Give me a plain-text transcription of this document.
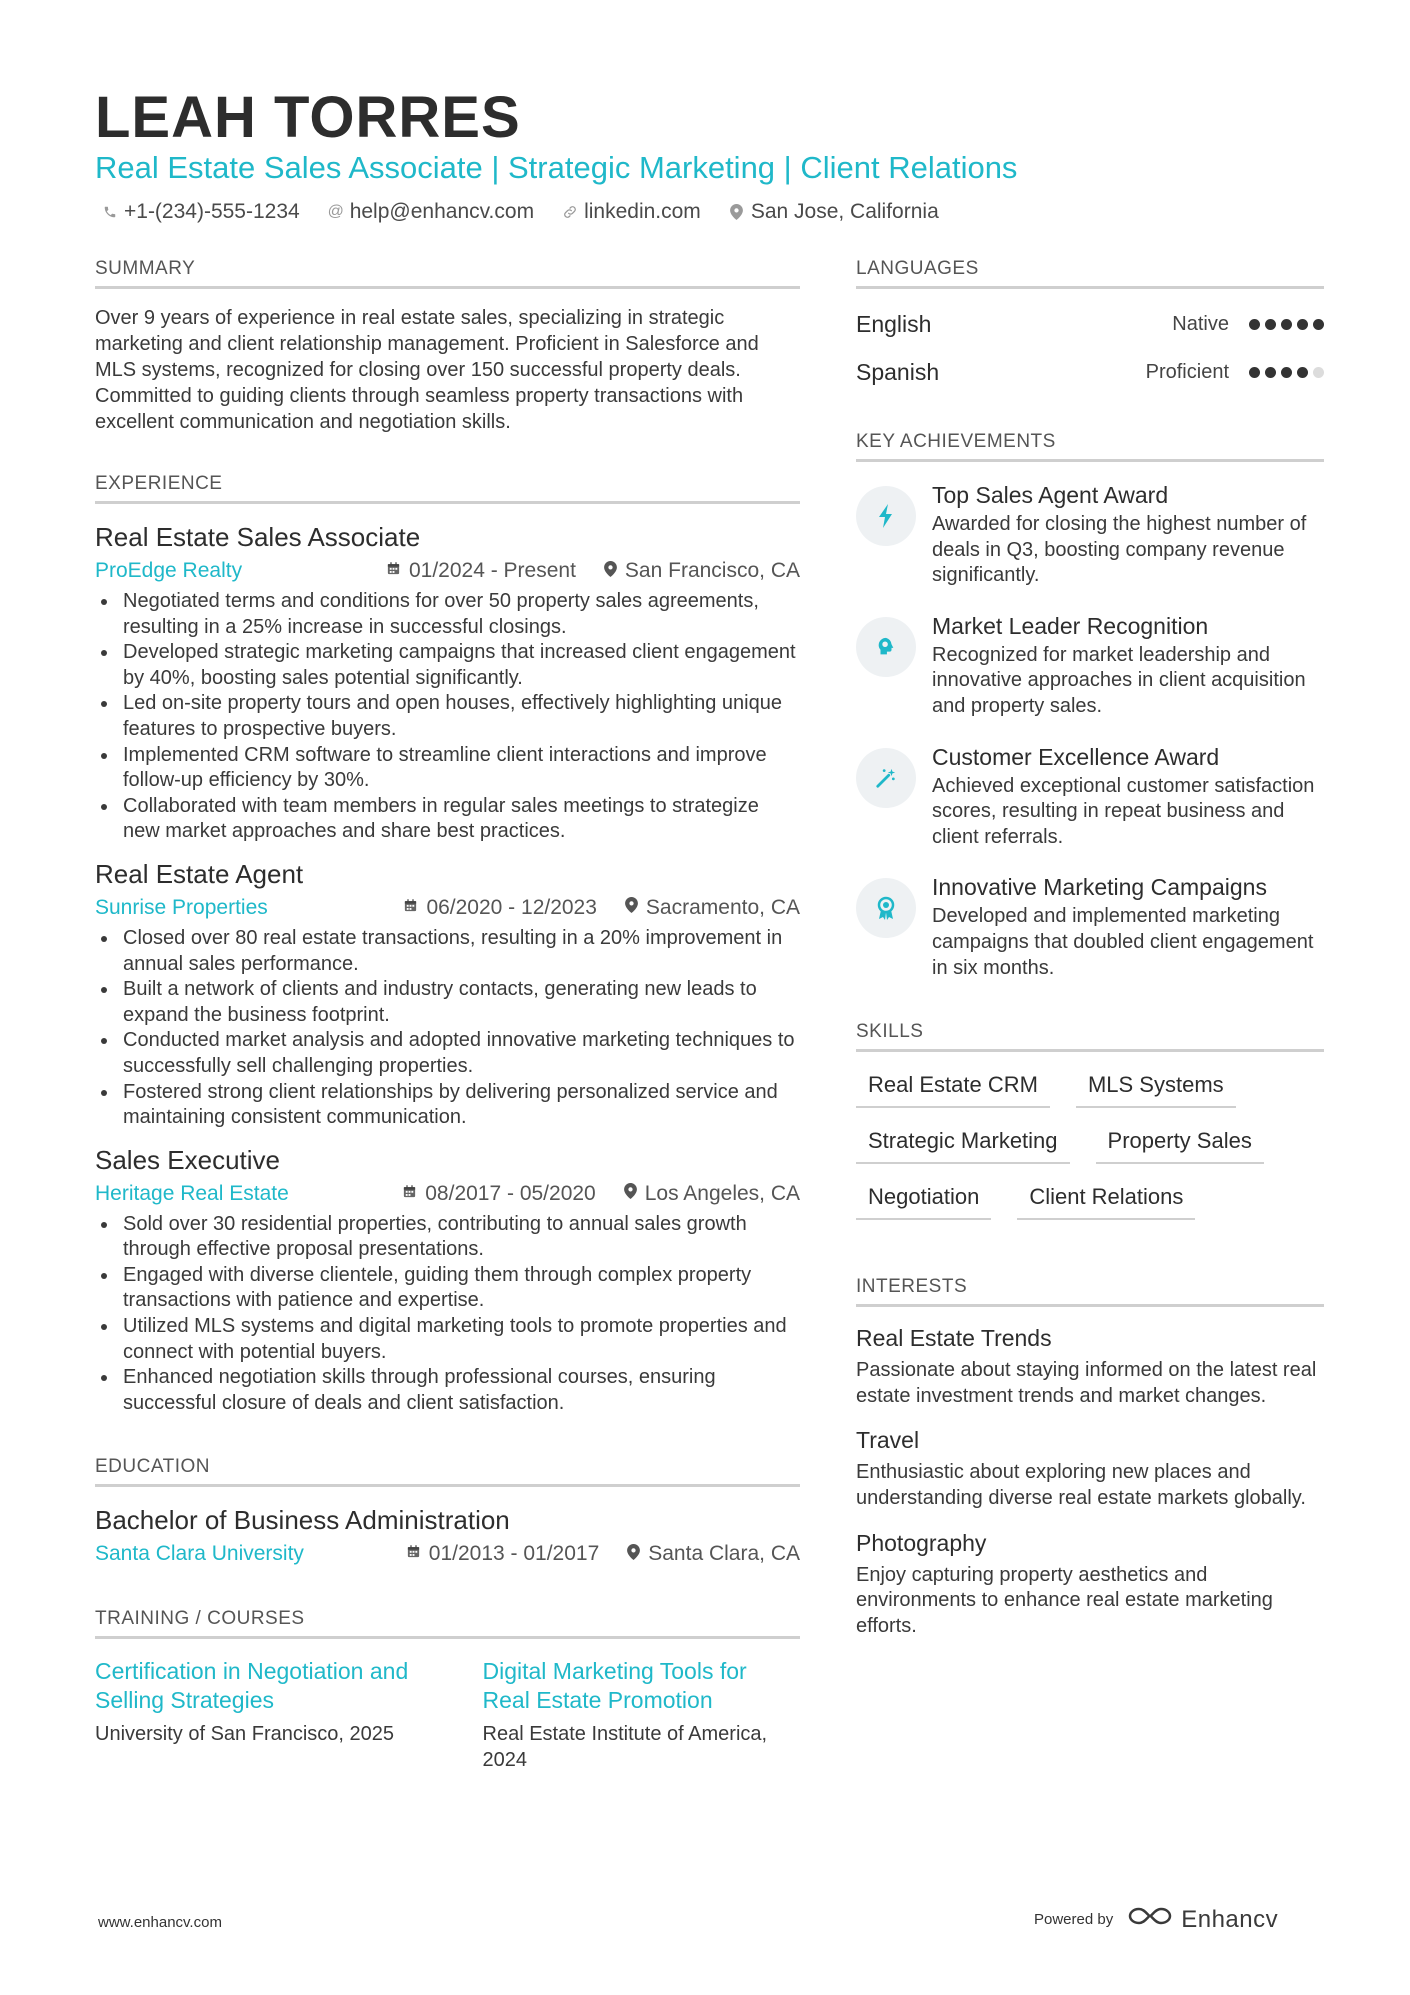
LEAH TORRES
Real Estate Sales Associate | Strategic Marketing | Client Relations
+1-(234)-555-1234 @ help@enhancv.com linkedin.com San Jose, California
SUMMARY
Over 9 years of experience in real estate sales, specializing in strategic marketing and client relationship management. Proficient in Salesforce and MLS systems, recognized for closing over 150 successful property deals. Committed to guiding clients through seamless property transactions with excellent communication and negotiation skills.
EXPERIENCE
Real Estate Sales Associate
ProEdge Realty	01/2024 - Present San Francisco, CA
Negotiated terms and conditions for over 50 property sales agreements, resulting in a 25% increase in successful closings.
Developed strategic marketing campaigns that increased client engagement by 40%, boosting sales potential significantly.
Led on-site property tours and open houses, effectively highlighting unique features to prospective buyers.
Implemented CRM software to streamline client interactions and improve follow-up efficiency by 30%.
Collaborated with team members in regular sales meetings to strategize new market approaches and share best practices.
Real Estate Agent
Sunrise Properties	06/2020 - 12/2023 Sacramento, CA
Closed over 80 real estate transactions, resulting in a 20% improvement in annual sales performance.
Built a network of clients and industry contacts, generating new leads to expand the business footprint.
Conducted market analysis and adopted innovative marketing techniques to successfully sell challenging properties.
Fostered strong client relationships by delivering personalized service and maintaining consistent communication.
Sales Executive
Heritage Real Estate	08/2017 - 05/2020 Los Angeles, CA
Sold over 30 residential properties, contributing to annual sales growth through effective proposal presentations.
Engaged with diverse clientele, guiding them through complex property transactions with patience and expertise.
Utilized MLS systems and digital marketing tools to promote properties and connect with potential buyers.
Enhanced negotiation skills through professional courses, ensuring successful closure of deals and client satisfaction.
EDUCATION
Bachelor of Business Administration
Santa Clara University	01/2013 - 01/2017 Santa Clara, CA
TRAINING / COURSES
Certification in Negotiation and Selling Strategies
University of San Francisco, 2025
Digital Marketing Tools for Real Estate Promotion
Real Estate Institute of America, 2024
LANGUAGES
English	Native
Spanish	Proficient
KEY ACHIEVEMENTS
Top Sales Agent Award
Awarded for closing the highest number of deals in Q3, boosting company revenue significantly.
Market Leader Recognition
Recognized for market leadership and innovative approaches in client acquisition and property sales.
Customer Excellence Award
Achieved exceptional customer satisfaction scores, resulting in repeat business and client referrals.
Innovative Marketing Campaigns
Developed and implemented marketing campaigns that doubled client engagement in six months.
SKILLS
Real Estate CRM	MLS Systems
Strategic Marketing	Property Sales
Negotiation	Client Relations
INTERESTS
Real Estate Trends
Passionate about staying informed on the latest real estate investment trends and market changes.
Travel
Enthusiastic about exploring new places and understanding diverse real estate markets globally.
Photography
Enjoy capturing property aesthetics and environments to enhance real estate marketing efforts.
www.enhancv.com	Powered by	Enhancv
